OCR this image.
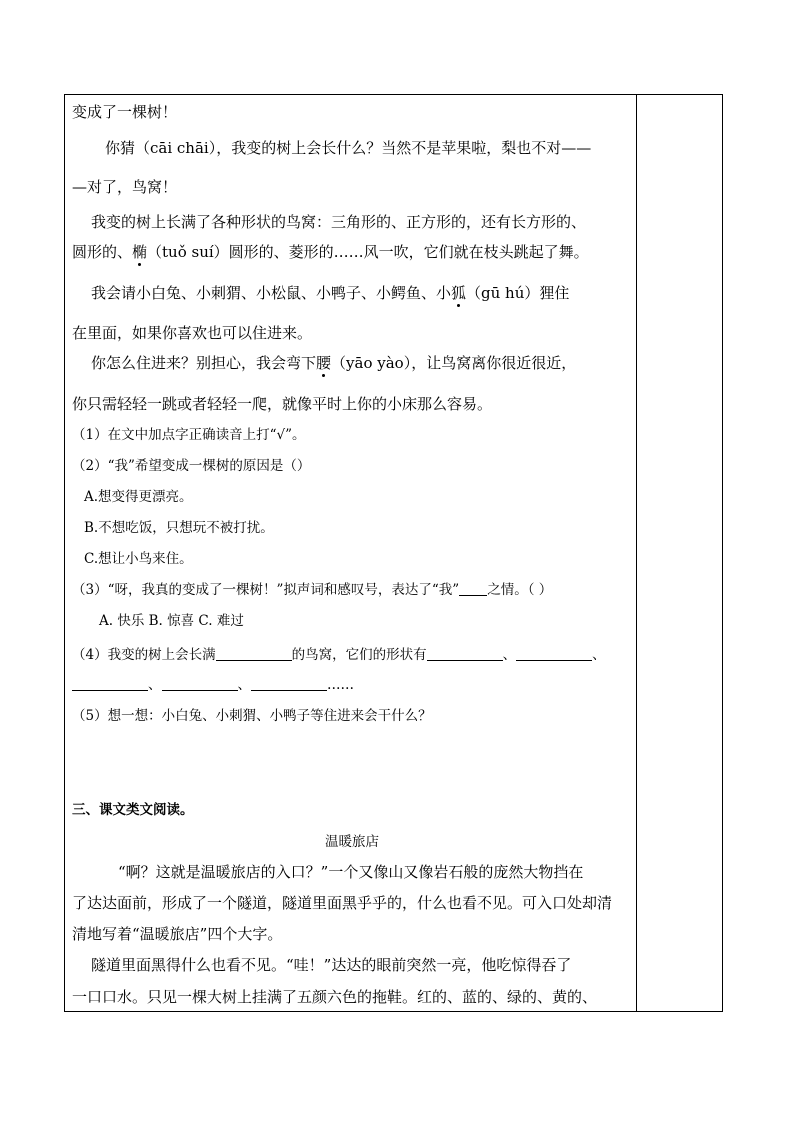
变成了一棵树！
你猜（cāi chāi），我变的树上会长什么？当然不是苹果啦，梨也不对——
—对了，鸟窝！
我变的树上长满了各种形状的鸟窝：三角形的、正方形的，还有长方形的、
圆形的、椭（tuǒ suí）圆形的、菱形的……风一吹，它们就在枝头跳起了舞。
我会请小白兔、小刺猬、小松鼠、小鸭子、小鳄鱼、小狐（gū hú）狸住
在里面，如果你喜欢也可以住进来。
你怎么住进来？别担心，我会弯下腰（yāo yào），让鸟窝离你很近很近，
你只需轻轻一跳或者轻轻一爬，就像平时上你的小床那么容易。
（1）在文中加点字正确读音上打“√”。
（2）“我”希望变成一棵树的原因是（）
A.想变得更漂亮。
B.不想吃饭，只想玩不被打扰。
C.想让小鸟来住。
（3）“呀，我真的变成了一棵树！”拟声词和感叹号，表达了“我” 之情。（ ）
A. 快乐 B. 惊喜 C. 难过
（4）我变的树上会长满	的鸟窝，它们的形状有	、	、
、	、	……
（5）想一想：小白兔、小刺猬、小鸭子等住进来会干什么？
三、课文类文阅读。
温暖旅店
“啊？这就是温暖旅店的入口？”一个又像山又像岩石般的庞然大物挡在
了达达面前，形成了一个隧道，隧道里面黑乎乎的，什么也看不见。可入口处却清
清地写着“温暖旅店”四个大字。
隧道里面黑得什么也看不见。“哇！”达达的眼前突然一亮，他吃惊得吞了
一口口水。只见一棵大树上挂满了五颜六色的拖鞋。红的、蓝的、绿的、黄的、
